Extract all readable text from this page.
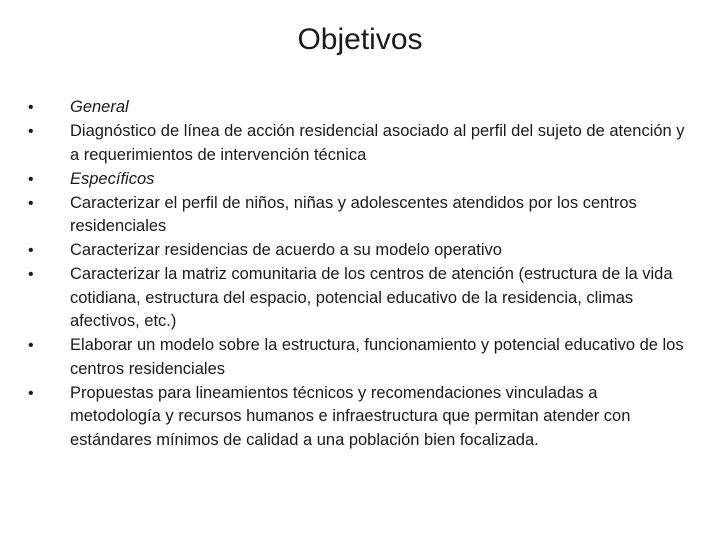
Objetivos
•	General
•	Diagnóstico de línea de acción residencial asociado al perfil del sujeto de atención y a requerimientos de intervención técnica
•	Específicos
•	Caracterizar el perfil de niños, niñas y adolescentes atendidos por los centros residenciales
•	Caracterizar residencias de acuerdo a su modelo operativo
•	Caracterizar la matriz comunitaria de los centros de atención (estructura de la vida cotidiana, estructura del espacio, potencial educativo de la residencia, climas afectivos, etc.)
•	Elaborar un modelo sobre la estructura, funcionamiento y potencial educativo de los centros residenciales
•	Propuestas para lineamientos técnicos y recomendaciones vinculadas a metodología y recursos humanos e infraestructura que permitan atender con estándares mínimos de calidad a una población bien focalizada.
